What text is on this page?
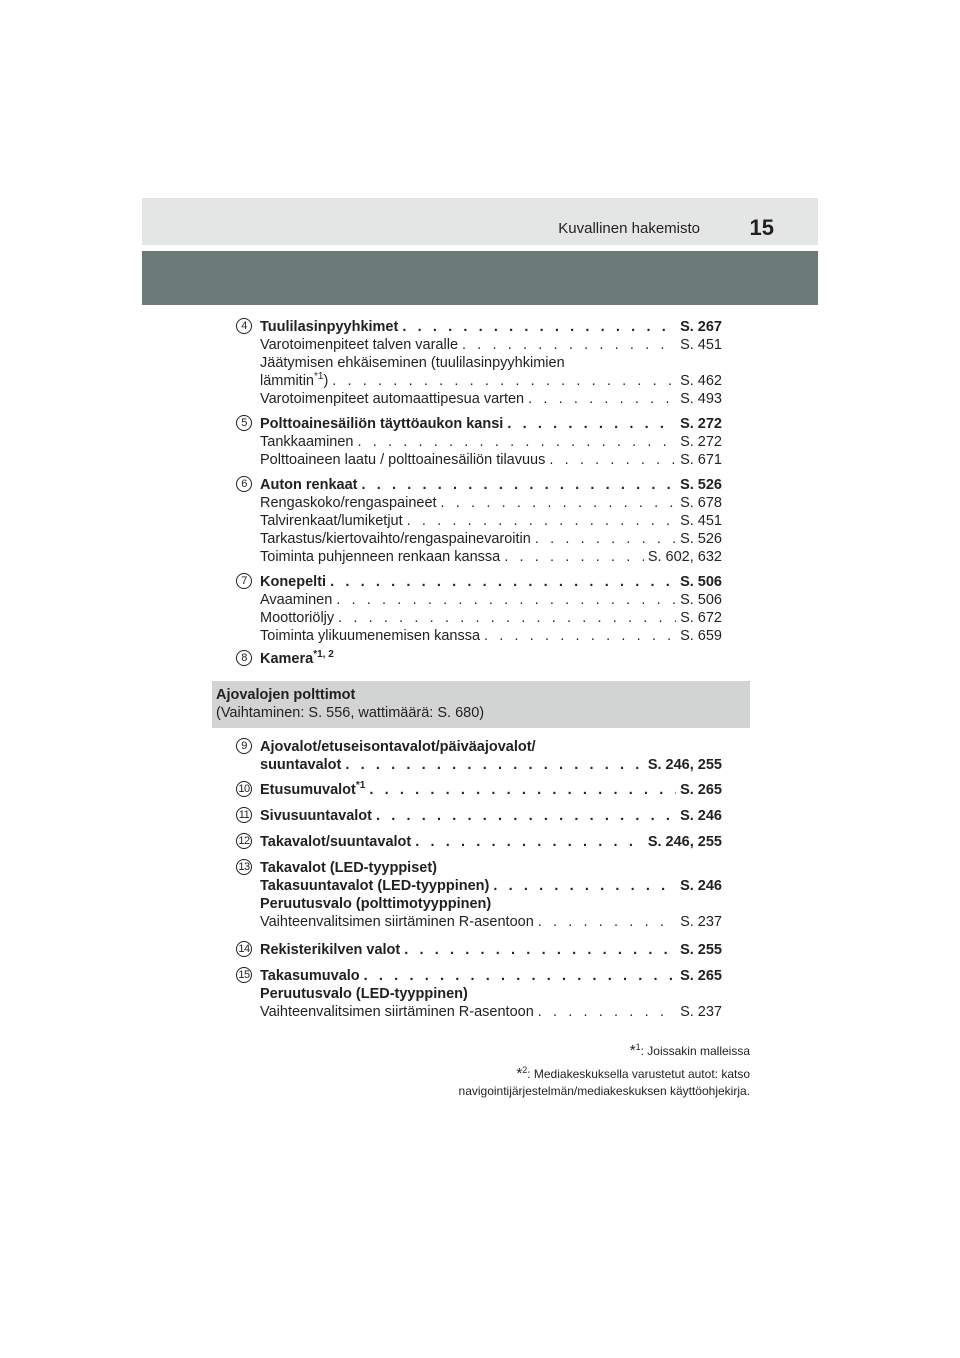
Kuvallinen hakemisto 15
4 Tuulilasinpyyhkimet . . .	S. 267
Varotoimenpiteet talven varalle . . .	S. 451
Jäätymisen ehkäiseminen (tuulilasinpyyhkimien
lämmitin$^{*1}$) . . .	S. 462
Varotoimenpiteet automaattipesua varten . . .	S. 493
5 Polttoainesäiliön täyttöaukon kansi . . .	S. 272
Tankkaaminen . . .	S. 272
Polttoaineen laatu / polttoainesäiliön tilavuus . . .	S. 671
6 Auton renkaat . . .	S. 526
Rengaskoko/rengaspaineet . . .	S. 678
Talvirenkaat/lumiketjut . . .	S. 451
Tarkastus/kiertovaihto/rengaspainevaroitin . . .	S. 526
Toiminta puhjenneen renkaan kanssa . . .	S. 602, 632
7 Konepelti . . .	S. 506
Avaaminen . . .	S. 506
Moottoriöljy . . .	S. 672
Toiminta ylikuumenemisen kanssa . . .	S. 659
8 Kamera$^{*1, 2}$
9 Ajovalot/etuseisontavalot/päiväajovalot/
suuntavalot . . .	S. 246, 255
10 Etusumuvalot$^{*1}$ . . .	S. 265
11 Sivusuuntavalot . . .	S. 246
12 Takavalot/suuntavalot . . .	S. 246, 255
13 Takavalot (LED-tyyppiset)
Takasuuntavalot (LED-tyyppinen) . . .	S. 246
Peruutusvalo (polttimotyyppinen)
Vaihteenvalitsimen siirtäminen R-asentoon . . .	S. 237
14 Rekisterikilven valot . . .	S. 255
15 Takasumuvalo . . .	S. 265
Peruutusvalo (LED-tyyppinen)
Vaihteenvalitsimen siirtäminen R-asentoon . . .	S. 237
Ajovalojen polttimot
(Vaihtaminen: S. 556, wattimäärä: S. 680)
*$^1$: Joissakin malleissa
*$^2$: Mediakeskuksella varustetut autot: katso
navigointijärjestelmän/mediakeskuksen käyttöohjekirja.
